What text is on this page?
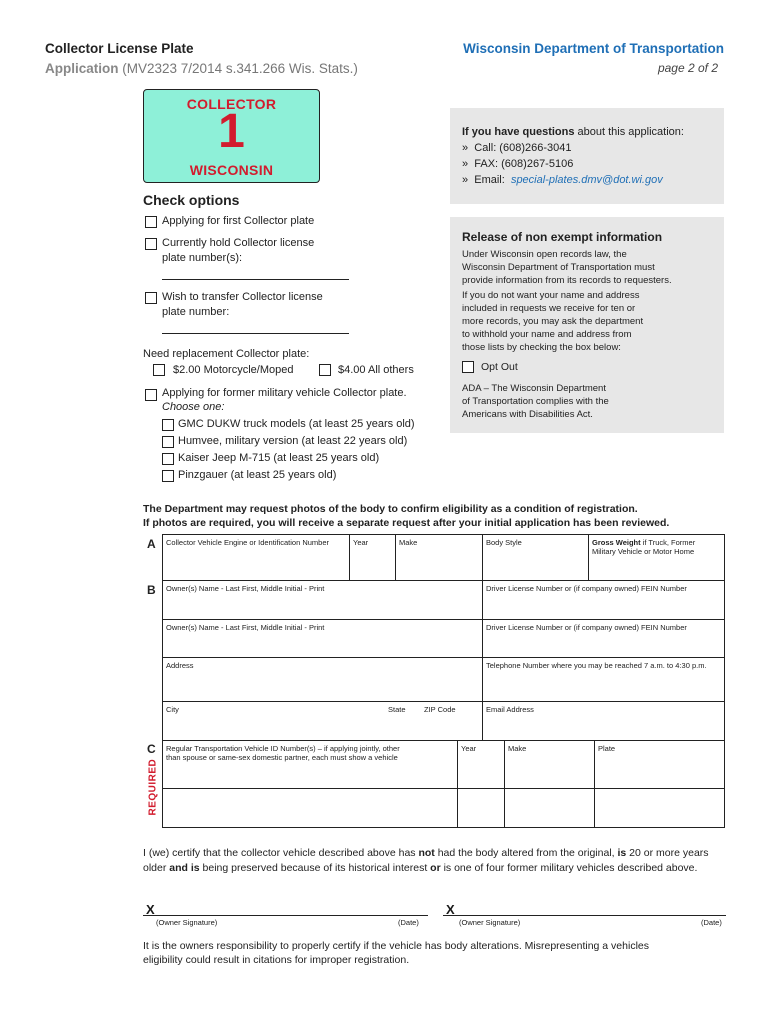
Collector License Plate
Application (MV2323 7/2014 s.341.266 Wis. Stats.)
Wisconsin Department of Transportation
page 2 of 2
COLLECTOR
1
WISCONSIN
If you have questions about this application:
» Call: (608)266-3041
» FAX: (608)267-5106
» Email: special-plates.dmv@dot.wi.gov
Check options
Applying for first Collector plate
Currently hold Collector license
plate number(s):
Wish to transfer Collector license
plate number:
Need replacement Collector plate:
$2.00 Motorcycle/Moped	$4.00 All others
Applying for former military vehicle Collector plate.
Choose one:
GMC DUKW truck models (at least 25 years old)
Humvee, military version (at least 22 years old)
Kaiser Jeep M-715 (at least 25 years old)
Pinzgauer (at least 25 years old)
Release of non exempt information
Under Wisconsin open records law, the
Wisconsin Department of Transportation must
provide information from its records to requesters.
If you do not want your name and address
included in requests we receive for ten or
more records, you may ask the department
to withhold your name and address from
those lists by checking the box below:
Opt Out
ADA – The Wisconsin Department
of Transportation complies with the
Americans with Disabilities Act.
The Department may request photos of the body to confirm eligibility as a condition of registration.
If photos are required, you will receive a separate request after your initial application has been reviewed.
A
B
C
REQUIRED
Collector Vehicle Engine or Identification Number	Year	Make	Body Style	Gross Weight if Truck, Former
Military Vehicle or Motor Home
Owner(s) Name - Last First, Middle Initial - Print	Driver License Number or (if company owned) FEIN Number
Owner(s) Name - Last First, Middle Initial - Print	Driver License Number or (if company owned) FEIN Number
Address	Telephone Number where you may be reached 7 a.m. to 4:30 p.m.
City	State ZIP Code	Email Address
Regular Transportation Vehicle ID Number(s) – if applying jointly, other
than spouse or same-sex domestic partner, each must show a vehicle
Year	Make	Plate
I (we) certify that the collector vehicle described above has not had the body altered from the original, is 20 or more years
older and is being preserved because of its historical interest or is one of four former military vehicles described above.
X
(Owner Signature)	(Date)
X
(Owner Signature)	(Date)
It is the owners responsibility to properly certify if the vehicle has body alterations. Misrepresenting a vehicles
eligibility could result in citations for improper registration.
